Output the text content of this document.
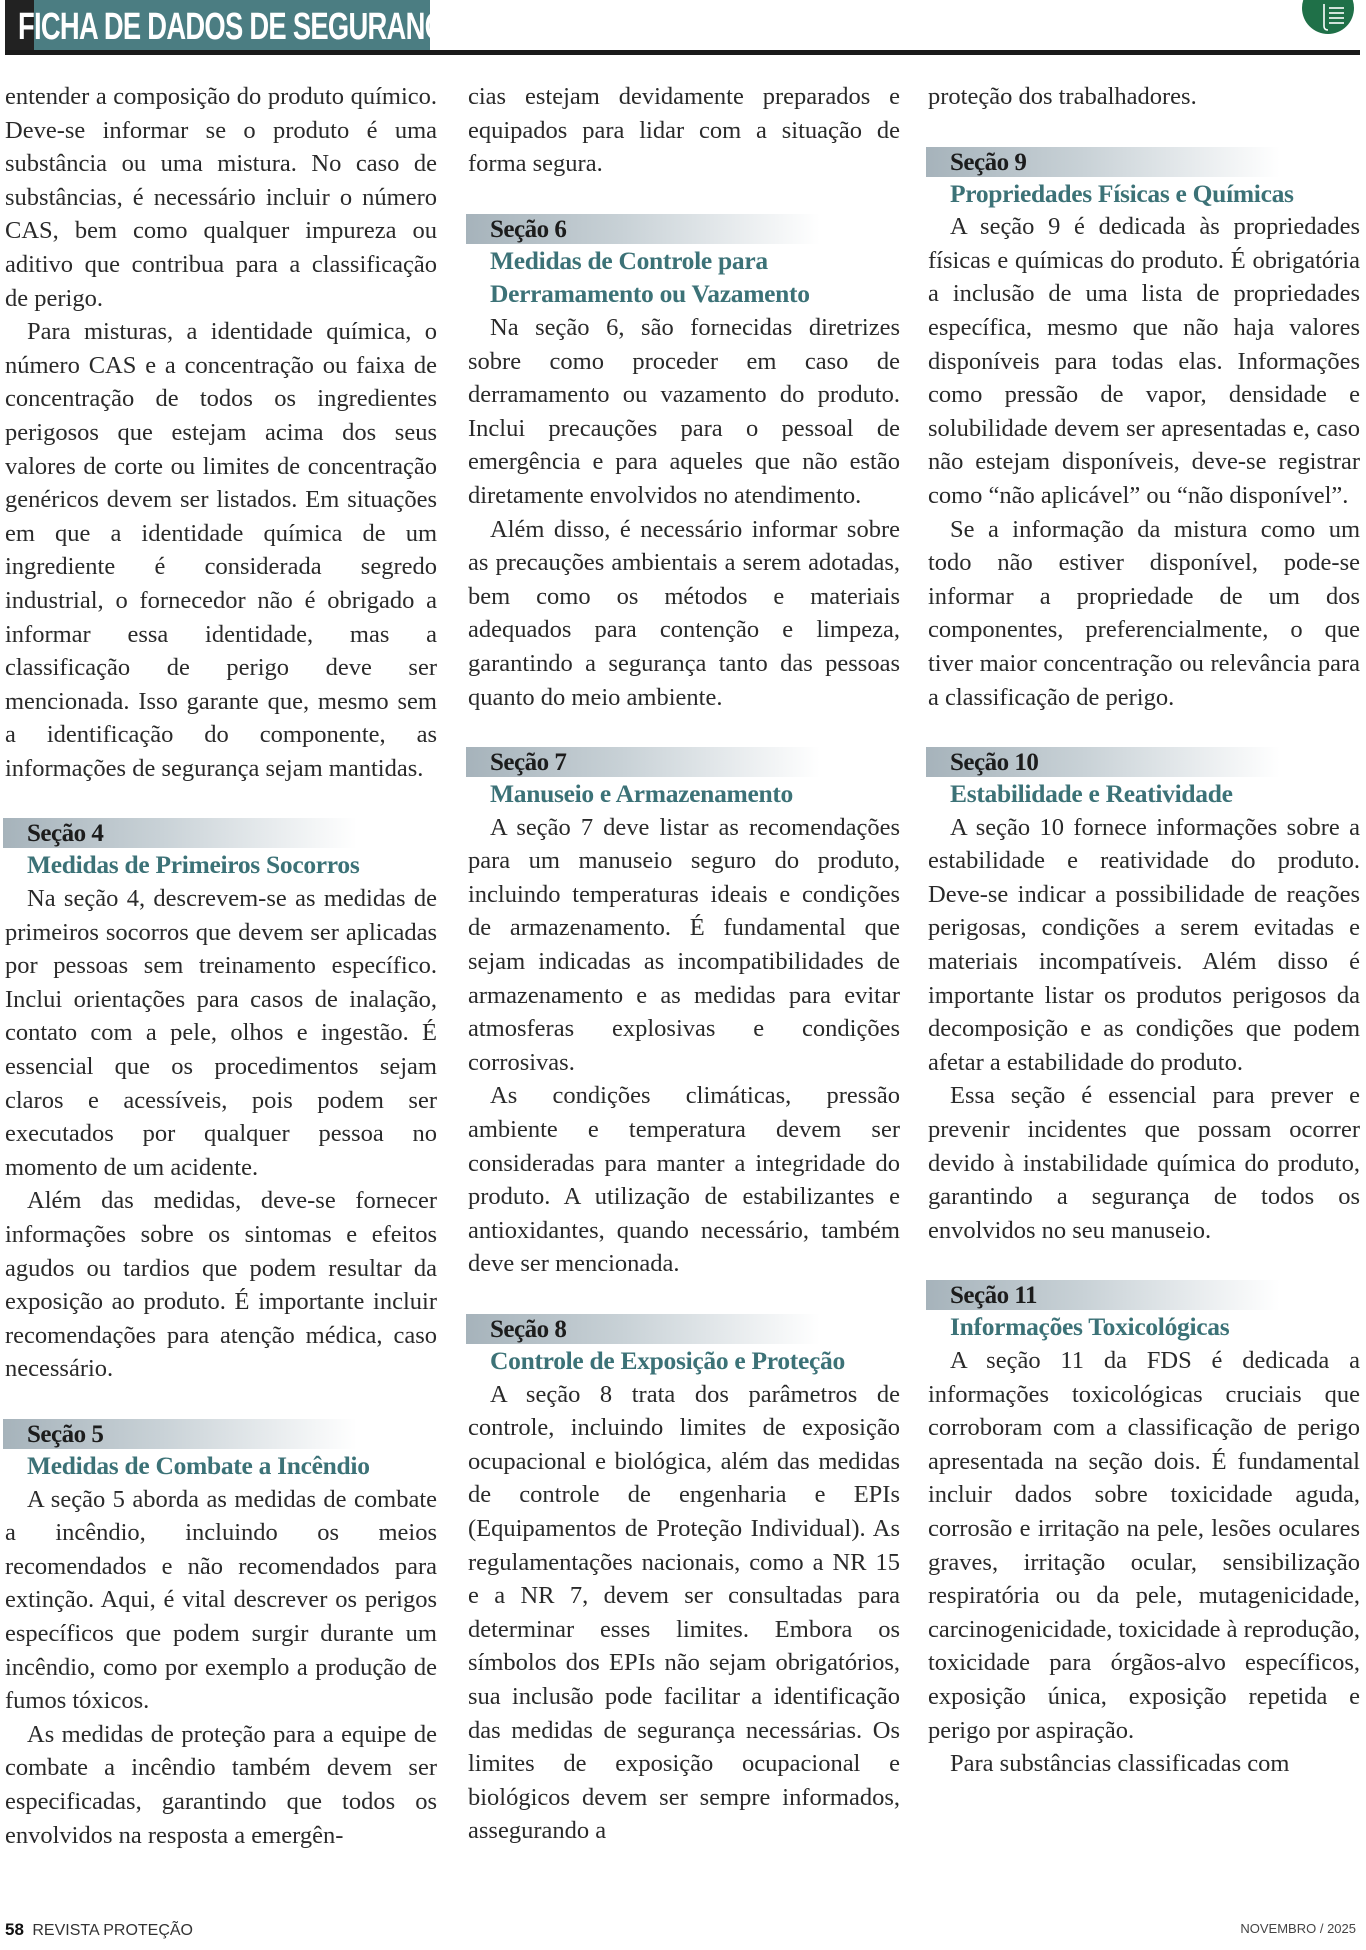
FICHA DE DADOS DE SEGURANÇA

entender a composição do produto químico. Deve-se informar se o produto é uma substância ou uma mistura. No caso de substâncias, é necessário incluir o número CAS, bem como qualquer impureza ou aditivo que contribua para a classificação de perigo.

Para misturas, a identidade química, o número CAS e a concentração ou faixa de concentração de todos os ingredientes perigosos que estejam acima dos seus valores de corte ou limites de concentração genéricos devem ser listados. Em situações em que a identidade química de um ingrediente é considerada segredo industrial, o fornecedor não é obrigado a informar essa identidade, mas a classificação de perigo deve ser mencionada. Isso garante que, mesmo sem a identificação do componente, as informações de segurança sejam mantidas.

Seção 4
Medidas de Primeiros Socorros

Na seção 4, descrevem-se as medidas de primeiros socorros que devem ser aplicadas por pessoas sem treinamento específico. Inclui orientações para casos de inalação, contato com a pele, olhos e ingestão. É essencial que os procedimentos sejam claros e acessíveis, pois podem ser executados por qualquer pessoa no momento de um acidente.

Além das medidas, deve-se fornecer informações sobre os sintomas e efeitos agudos ou tardios que podem resultar da exposição ao produto. É importante incluir recomendações para atenção médica, caso necessário.

Seção 5
Medidas de Combate a Incêndio

A seção 5 aborda as medidas de combate a incêndio, incluindo os meios recomendados e não recomendados para extinção. Aqui, é vital descrever os perigos específicos que podem surgir durante um incêndio, como por exemplo a produção de fumos tóxicos.

As medidas de proteção para a equipe de combate a incêndio também devem ser especificadas, garantindo que todos os envolvidos na resposta a emergên-

cias estejam devidamente preparados e equipados para lidar com a situação de forma segura.

Seção 6
Medidas de Controle para Derramamento ou Vazamento

Na seção 6, são fornecidas diretrizes sobre como proceder em caso de derramamento ou vazamento do produto. Inclui precauções para o pessoal de emergência e para aqueles que não estão diretamente envolvidos no atendimento.

Além disso, é necessário informar sobre as precauções ambientais a serem adotadas, bem como os métodos e materiais adequados para contenção e limpeza, garantindo a segurança tanto das pessoas quanto do meio ambiente.

Seção 7
Manuseio e Armazenamento

A seção 7 deve listar as recomendações para um manuseio seguro do produto, incluindo temperaturas ideais e condições de armazenamento. É fundamental que sejam indicadas as incompatibilidades de armazenamento e as medidas para evitar atmosferas explosivas e condições corrosivas.

As condições climáticas, pressão ambiente e temperatura devem ser consideradas para manter a integridade do produto. A utilização de estabilizantes e antioxidantes, quando necessário, também deve ser mencionada.

Seção 8
Controle de Exposição e Proteção

A seção 8 trata dos parâmetros de controle, incluindo limites de exposição ocupacional e biológica, além das medidas de controle de engenharia e EPIs (Equipamentos de Proteção Individual). As regulamentações nacionais, como a NR 15 e a NR 7, devem ser consultadas para determinar esses limites. Embora os símbolos dos EPIs não sejam obrigatórios, sua inclusão pode facilitar a identificação das medidas de segurança necessárias. Os limites de exposição ocupacional e biológicos devem ser sempre informados, assegurando a

proteção dos trabalhadores.

Seção 9
Propriedades Físicas e Químicas

A seção 9 é dedicada às propriedades físicas e químicas do produto. É obrigatória a inclusão de uma lista de propriedades específica, mesmo que não haja valores disponíveis para todas elas. Informações como pressão de vapor, densidade e solubilidade devem ser apresentadas e, caso não estejam disponíveis, deve-se registrar como “não aplicável” ou “não disponível”.

Se a informação da mistura como um todo não estiver disponível, pode-se informar a propriedade de um dos componentes, preferencialmente, o que tiver maior concentração ou relevância para a classificação de perigo.

Seção 10
Estabilidade e Reatividade

A seção 10 fornece informações sobre a estabilidade e reatividade do produto. Deve-se indicar a possibilidade de reações perigosas, condições a serem evitadas e materiais incompatíveis. Além disso é importante listar os produtos perigosos da decomposição e as condições que podem afetar a estabilidade do produto.

Essa seção é essencial para prever e prevenir incidentes que possam ocorrer devido à instabilidade química do produto, garantindo a segurança de todos os envolvidos no seu manuseio.

Seção 11
Informações Toxicológicas

A seção 11 da FDS é dedicada a informações toxicológicas cruciais que corroboram com a classificação de perigo apresentada na seção dois. É fundamental incluir dados sobre toxicidade aguda, corrosão e irritação na pele, lesões oculares graves, irritação ocular, sensibilização respiratória ou da pele, mutagenicidade, carcinogenicidade, toxicidade à reprodução, toxicidade para órgãos-alvo específicos, exposição única, exposição repetida e perigo por aspiração.

Para substâncias classificadas com

58 REVISTA PROTEÇÃO	NOVEMBRO / 2025
